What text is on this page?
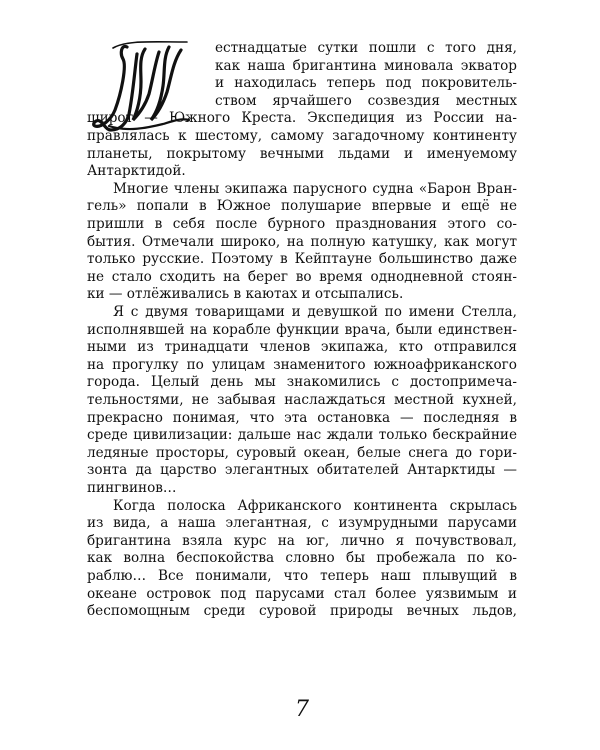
Ш
естнадцатые сутки пошли с того дня,
как наша бригантина миновала экватор
и находилась теперь под покровитель-
ством ярчайшего созвездия местных
широт — Южного Креста. Экспедиция из России на-
правлялась к шестому, самому загадочному континенту
планеты, покрытому вечными льдами и именуемому
Антарктидой.
Многие члены экипажа парусного судна «Барон Вран-
гель» попали в Южное полушарие впервые и ещё не
пришли в себя после бурного празднования этого со-
бытия. Отмечали широко, на полную катушку, как могут
только русские. Поэтому в Кейптауне большинство даже
не стало сходить на берег во время однодневной стоян-
ки — отлёживались в каютах и отсыпались.
Я с двумя товарищами и девушкой по имени Стелла,
исполнявшей на корабле функции врача, были единствен-
ными из тринадцати членов экипажа, кто отправился
на прогулку по улицам знаменитого южноафриканского
города. Целый день мы знакомились с достопримеча-
тельностями, не забывая наслаждаться местной кухней,
прекрасно понимая, что эта остановка — последняя в
среде цивилизации: дальше нас ждали только бескрайние
ледяные просторы, суровый океан, белые снега до гори-
зонта да царство элегантных обитателей Антарктиды —
пингвинов…
7
Когда полоска Африканского континента скрылась
из вида, а наша элегантная, с изумрудными парусами
бригантина взяла курс на юг, лично я почувствовал,
как волна беспокойства словно бы пробежала по ко-
раблю… Все понимали, что теперь наш плывущий в
океане островок под парусами стал более уязвимым и
беспомощным среди суровой природы вечных льдов,
